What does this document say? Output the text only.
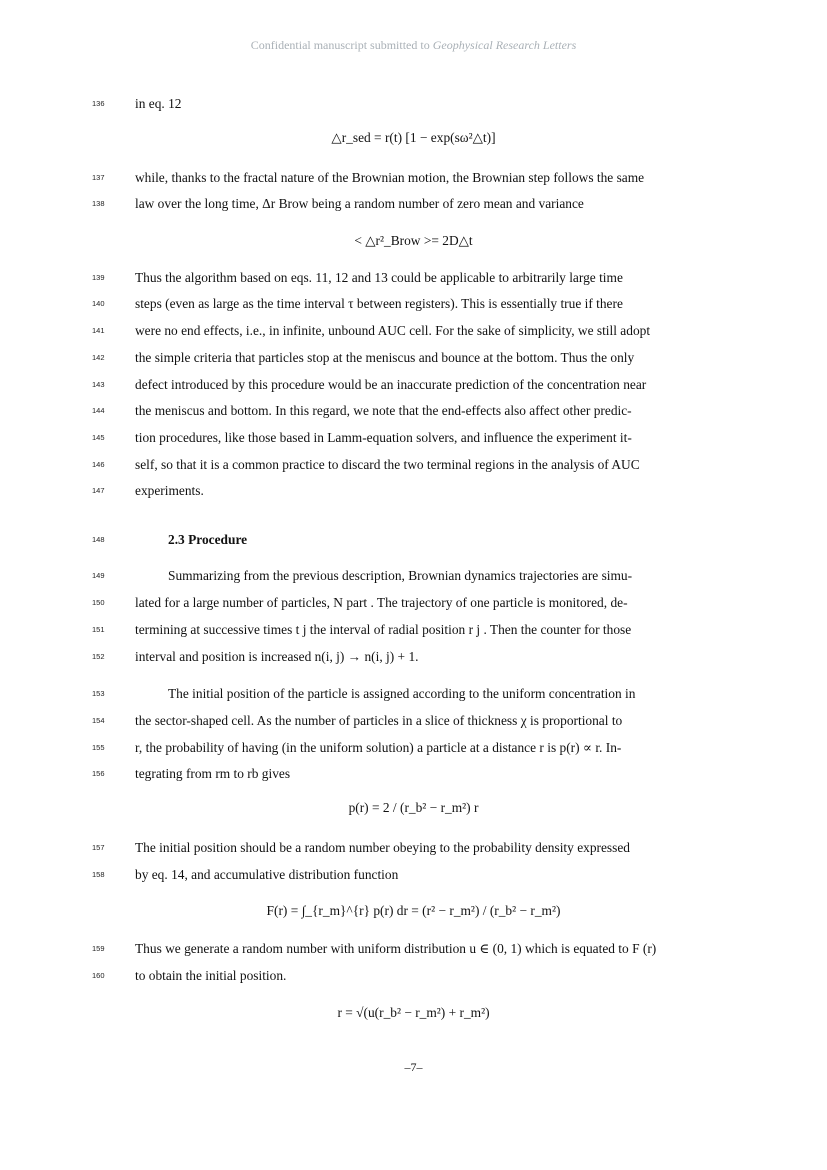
Confidential manuscript submitted to Geophysical Research Letters
136
137
138
139
140
141
142
143
144
145
146
147
148
149
150
151
152
153
154
155
156
157
158
159
160
in eq. 12
△r_sed = r(t) [1 − exp(sω²△t)]
while, thanks to the fractal nature of the Brownian motion, the Brownian step follows the same
law over the long time, Δr Brow being a random number of zero mean and variance
< △r²_Brow >= 2D△t
Thus the algorithm based on eqs. 11, 12 and 13 could be applicable to arbitrarily large time
steps (even as large as the time interval τ between registers). This is essentially true if there
were no end effects, i.e., in infinite, unbound AUC cell. For the sake of simplicity, we still adopt
the simple criteria that particles stop at the meniscus and bounce at the bottom. Thus the only
defect introduced by this procedure would be an inaccurate prediction of the concentration near
the meniscus and bottom. In this regard, we note that the end-effects also affect other predic-
tion procedures, like those based in Lamm-equation solvers, and influence the experiment it-
self, so that it is a common practice to discard the two terminal regions in the analysis of AUC
experiments.
2.3 Procedure
Summarizing from the previous description, Brownian dynamics trajectories are simu-
lated for a large number of particles, N part . The trajectory of one particle is monitored, de-
termining at successive times t j the interval of radial position r j . Then the counter for those
interval and position is increased n(i, j) → n(i, j) + 1.
The initial position of the particle is assigned according to the uniform concentration in
the sector-shaped cell. As the number of particles in a slice of thickness χ is proportional to
r, the probability of having (in the uniform solution) a particle at a distance r is p(r) ∝ r. In-
tegrating from rm to rb gives
p(r) = 2 / (r_b² − r_m²) r
The initial position should be a random number obeying to the probability density expressed
by eq. 14, and accumulative distribution function
F(r) = ∫_{r_m}^{r} p(r) dr = (r² − r_m²) / (r_b² − r_m²)
Thus we generate a random number with uniform distribution u ∈ (0, 1) which is equated to F (r)
to obtain the initial position.
r = √(u(r_b² − r_m²) + r_m²)
–7–
